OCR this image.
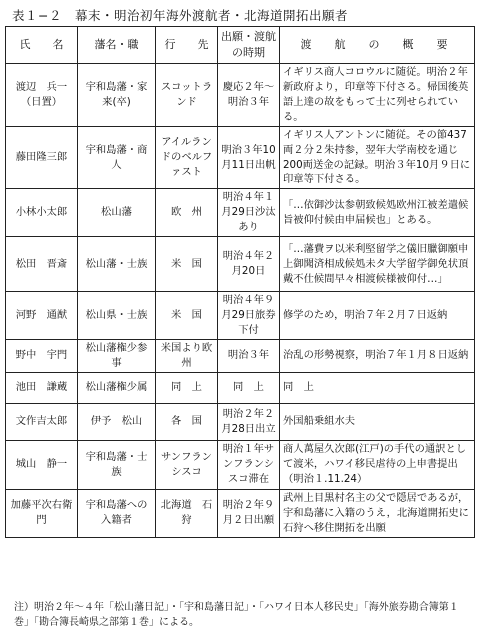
表１−２　幕末・明治初年海外渡航者・北海道開拓出願者
氏　　名	藩名・職	行　　先	出願・渡航の時期	渡　航　の　概　要
渡辺　兵一（日置）	宇和島藩・家来(卒)	スコットランド	慶応２年〜明治３年	イギリス商人コロウルに随従。明治２年新政府より，印章等下付さる。帰国後英語上達の故をもって士に列せられている。
藤田隆三郎	宇和島藩・商人	アイルランドのベルファスト	明治３年10月11日出帆	イギリス人アントンに随従。その節437両２分２朱持参，翌年大学南校を通じ200両送金の記録。明治３年10月９日に印章等下付さる。
小林小太郎	松山藩	欧　州	明治４年１月29日沙汰あり	「…依御沙汰参朝致候処欧州江被差遣候旨被仰付候由申届候也」とある。
松田　晋斎	松山藩・士族	米　国	明治４年２月20日	「…藩費ヲ以米利堅留学之儀旧臘御願申上御聞済相成候処未タ大学留学御免状頂戴不仕候間早々相渡候様被仰付…」
河野　通猷	松山県・士族	米　国	明治４年９月29日旅券下付	修学のため，明治７年２月７日返納
野中　宇門	松山藩権少参事	米国より欧州	明治３年	治乱の形勢視察，明治７年１月８日返納
池田　謙蔵	松山藩権少属	同　上	同　上	同　上
文作吉太郎	伊予　松山	各　国	明治２年２月28日出立	外国船乗組水夫
城山　静一	宇和島藩・士族	サンフランシスコ	明治１年サンフランシスコ滞在	商人萬屋久次郎(江戸)の手代の通訳として渡米，ハワイ移民虐待の上申書提出（明治１.11.24）
加藤平次右衛門	宇和島藩への入籍者	北海道　石狩	明治２年９月２日出願	武州上目黒村名主の父で隠居であるが，宇和島藩に入籍のうえ，北海道開拓史に石狩へ移住開拓を出願
注）明治２年〜４年「松山藩日記」・「宇和島藩日記」・「ハワイ日本人移民史」「海外旅券勘合簿第１巻」「勘合簿長崎県之部第１巻」による。
